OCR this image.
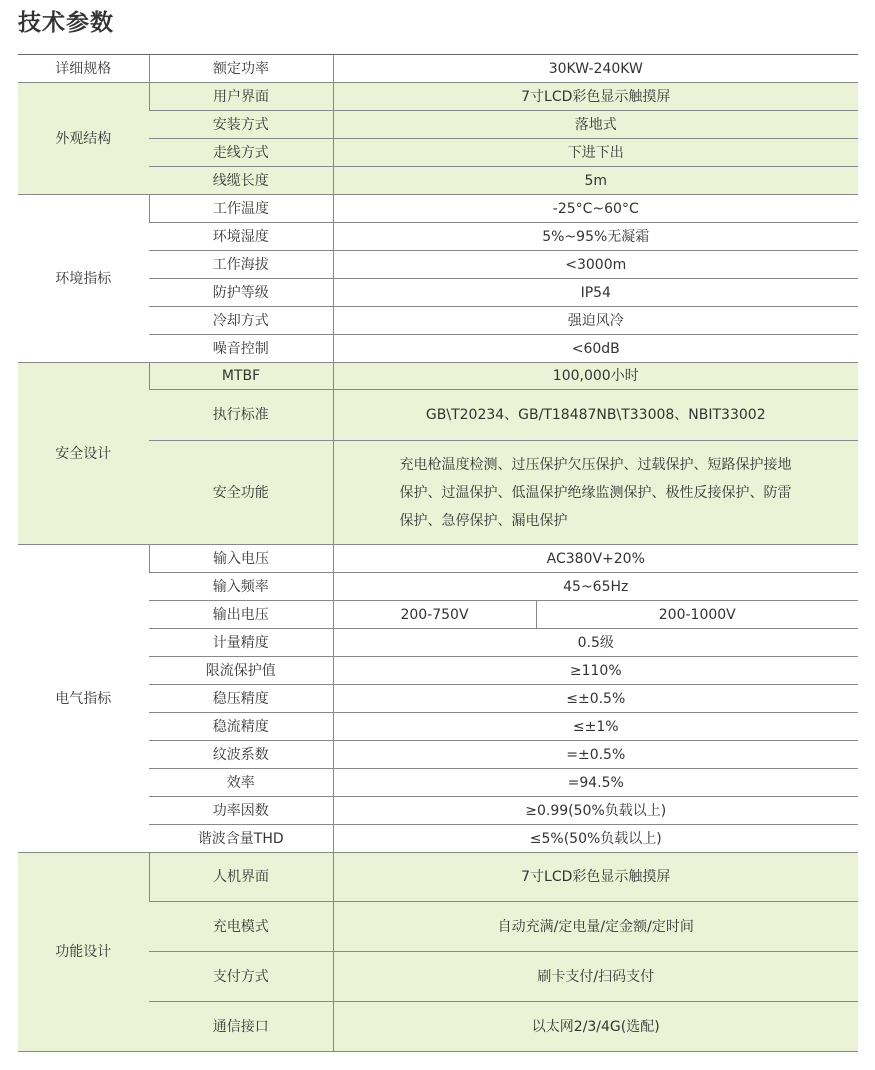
技术参数
详细规格	额定功率	30KW-240KW	
外观结构	用户界面	7寸LCD彩色显示触摸屏	
	安装方式	落地式	
	走线方式	下进下出	
	线缆长度	5m	
环境指标	工作温度	-25°C~60°C	
	环境湿度	5%~95%无凝霜	
	工作海拔	<3000m	
	防护等级	IP54	
	冷却方式	强迫风冷	
	噪音控制	<60dB	
安全设计	MTBF	100,000小时	
	执行标准	GB\T20234、GB/T18487NB\T33008、NBIT33002	
	安全功能	充电枪温度检测、过压保护欠压保护、过载保护、短路保护接地保护、过温保护、低温保护绝缘监测保护、极性反接保护、防雷保护、急停保护、漏电保护	
电气指标	输入电压	AC380V+20%	
	输入频率	45~65Hz	
	输出电压	200-750V	200-1000V
	计量精度	0.5级	
	限流保护值	≥110%	
	稳压精度	≤±0.5%	
	稳流精度	≤±1%	
	纹波系数	=±0.5%	
	效率	=94.5%	
	功率因数	≥0.99(50%负载以上)	
	谐波含量THD	≤5%(50%负载以上)	
功能设计	人机界面	7寸LCD彩色显示触摸屏	
	充电模式	自动充满/定电量/定金额/定时间	
	支付方式	刷卡支付/扫码支付	
	通信接口	以太网2/3/4G(选配)	
